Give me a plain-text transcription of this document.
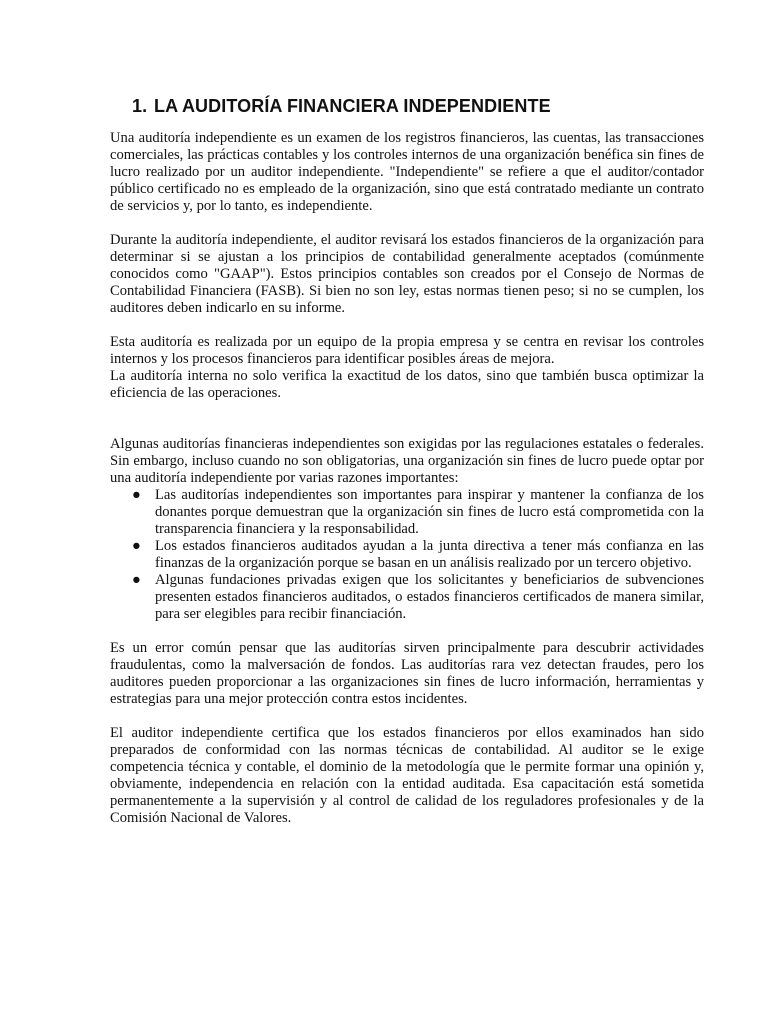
1. LA AUDITORÍA FINANCIERA INDEPENDIENTE

Una auditoría independiente es un examen de los registros financieros, las cuentas, las transacciones comerciales, las prácticas contables y los controles internos de una organización benéfica sin fines de lucro realizado por un auditor independiente. "Independiente" se refiere a que el auditor/contador público certificado no es empleado de la organización, sino que está contratado mediante un contrato de servicios y, por lo tanto, es independiente.

Durante la auditoría independiente, el auditor revisará los estados financieros de la organización para determinar si se ajustan a los principios de contabilidad generalmente aceptados (comúnmente conocidos como "GAAP"). Estos principios contables son creados por el Consejo de Normas de Contabilidad Financiera (FASB). Si bien no son ley, estas normas tienen peso; si no se cumplen, los auditores deben indicarlo en su informe.

Esta auditoría es realizada por un equipo de la propia empresa y se centra en revisar los controles internos y los procesos financieros para identificar posibles áreas de mejora.

La auditoría interna no solo verifica la exactitud de los datos, sino que también busca optimizar la eficiencia de las operaciones.

Algunas auditorías financieras independientes son exigidas por las regulaciones estatales o federales. Sin embargo, incluso cuando no son obligatorias, una organización sin fines de lucro puede optar por una auditoría independiente por varias razones importantes:

● Las auditorías independientes son importantes para inspirar y mantener la confianza de los donantes porque demuestran que la organización sin fines de lucro está comprometida con la transparencia financiera y la responsabilidad.
● Los estados financieros auditados ayudan a la junta directiva a tener más confianza en las finanzas de la organización porque se basan en un análisis realizado por un tercero objetivo.
● Algunas fundaciones privadas exigen que los solicitantes y beneficiarios de subvenciones presenten estados financieros auditados, o estados financieros certificados de manera similar, para ser elegibles para recibir financiación.

Es un error común pensar que las auditorías sirven principalmente para descubrir actividades fraudulentas, como la malversación de fondos. Las auditorías rara vez detectan fraudes, pero los auditores pueden proporcionar a las organizaciones sin fines de lucro información, herramientas y estrategias para una mejor protección contra estos incidentes.

El auditor independiente certifica que los estados financieros por ellos examinados han sido preparados de conformidad con las normas técnicas de contabilidad. Al auditor se le exige competencia técnica y contable, el dominio de la metodología que le permite formar una opinión y, obviamente, independencia en relación con la entidad auditada. Esa capacitación está sometida permanentemente a la supervisión y al control de calidad de los reguladores profesionales y de la Comisión Nacional de Valores.
